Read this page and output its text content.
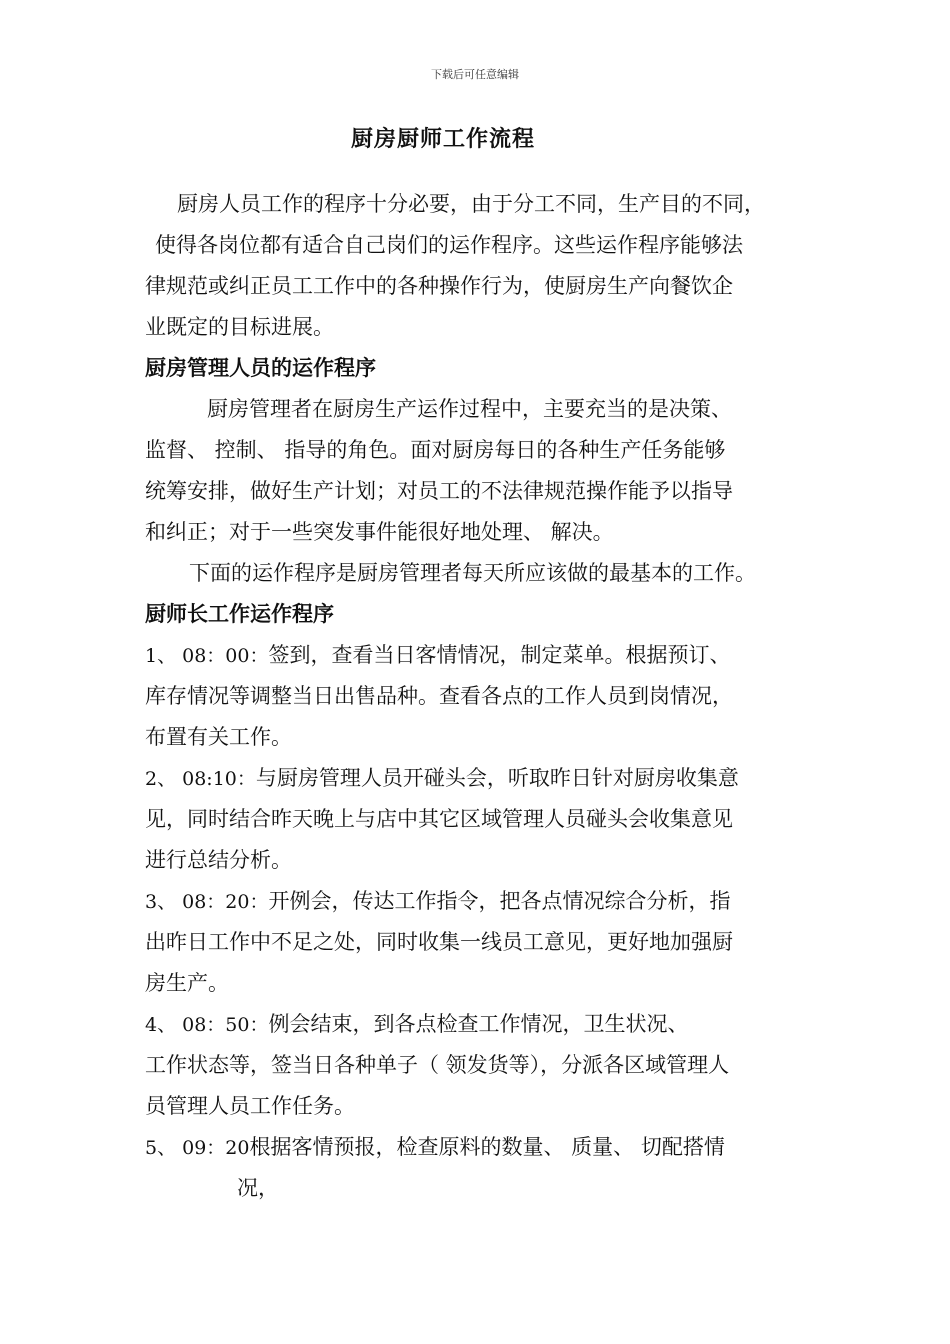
下载后可任意编辑
厨房厨师工作流程
厨房人员工作的程序十分必要，由于分工不同，生产目的不同，
使得各岗位都有适合自己岗们的运作程序。这些运作程序能够法
律规范或纠正员工工作中的各种操作行为，使厨房生产向餐饮企
业既定的目标进展。
厨房管理人员的运作程序
厨房管理者在厨房生产运作过程中，主要充当的是决策、
监督、 控制、 指导的角色。面对厨房每日的各种生产任务能够
统筹安排，做好生产计划；对员工的不法律规范操作能予以指导
和纠正；对于一些突发事件能很好地处理、 解决。
下面的运作程序是厨房管理者每天所应该做的最基本的工作。
厨师长工作运作程序
1、 08：00：签到，查看当日客情情况，制定菜单。根据预订、
库存情况等调整当日出售品种。查看各点的工作人员到岗情况，
布置有关工作。
2、 08:10：与厨房管理人员开碰头会，听取昨日针对厨房收集意
见，同时结合昨天晚上与店中其它区域管理人员碰头会收集意见
进行总结分析。
3、 08：20：开例会，传达工作指令，把各点情况综合分析，指
出昨日工作中不足之处，同时收集一线员工意见，更好地加强厨
房生产。
4、 08：50：例会结束，到各点检查工作情况，卫生状况、
工作状态等，签当日各种单子（ 领发货等），分派各区域管理人
员管理人员工作任务。
5、 09：20根据客情预报，检查原料的数量、 质量、 切配搭情
况，
